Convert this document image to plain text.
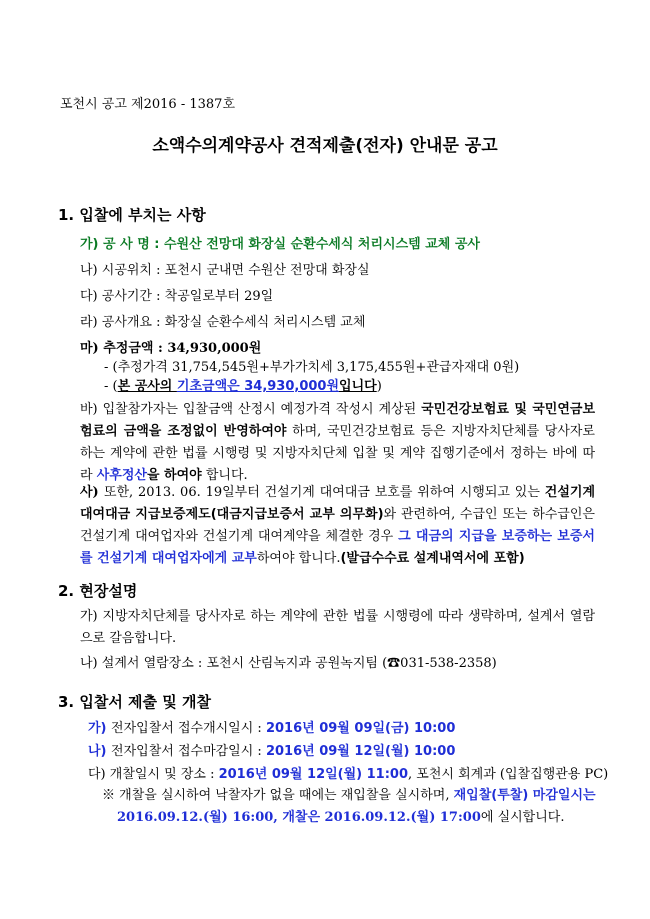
포천시 공고 제2016 - 1387호
소액수의계약공사 견적제출(전자) 안내문 공고
1. 입찰에 부치는 사항
가) 공 사 명 : 수원산 전망대 화장실 순환수세식 처리시스템 교체 공사
나) 시공위치 : 포천시 군내면 수원산 전망대 화장실
다) 공사기간 : 착공일로부터 29일
라) 공사개요 : 화장실 순환수세식 처리시스템 교체
마) 추정금액 : 34,930,000원
- (추정가격 31,754,545원+부가가치세 3,175,455원+관급자재대 0원)
- (본 공사의 기초금액은 34,930,000원입니다)
바) 입찰참가자는 입찰금액 산정시 예정가격 작성시 계상된 국민건강보험료 및 국민연금보험료의 금액을 조정없이 반영하여야 하며, 국민건강보험료 등은 지방자치단체를 당사자로 하는 계약에 관한 법률 시행령 및 지방자치단체 입찰 및 계약 집행기준에서 정하는 바에 따라 사후정산을 하여야 합니다.
사) 또한, 2013. 06. 19일부터 건설기계 대여대금 보호를 위하여 시행되고 있는 건설기계 대여대금 지급보증제도(대금지급보증서 교부 의무화)와 관련하여, 수급인 또는 하수급인은 건설기계 대여업자와 건설기계 대여계약을 체결한 경우 그 대금의 지급을 보증하는 보증서를 건설기계 대여업자에게 교부하여야 합니다.(발급수수료 설계내역서에 포함)
2. 현장설명
가) 지방자치단체를 당사자로 하는 계약에 관한 법률 시행령에 따라 생략하며, 설계서 열람으로 갈음합니다.
나) 설계서 열람장소 : 포천시 산림녹지과 공원녹지팀 (☎031-538-2358)
3. 입찰서 제출 및 개찰
가) 전자입찰서 접수개시일시 : 2016년 09월 09일(금) 10:00
나) 전자입찰서 접수마감일시 : 2016년 09월 12일(월) 10:00
다) 개찰일시 및 장소 : 2016년 09월 12일(월) 11:00, 포천시 회계과 (입찰집행관용 PC)
※ 개찰을 실시하여 낙찰자가 없을 때에는 재입찰을 실시하며, 재입찰(투찰) 마감일시는
2016.09.12.(월) 16:00, 개찰은 2016.09.12.(월) 17:00에 실시합니다.
